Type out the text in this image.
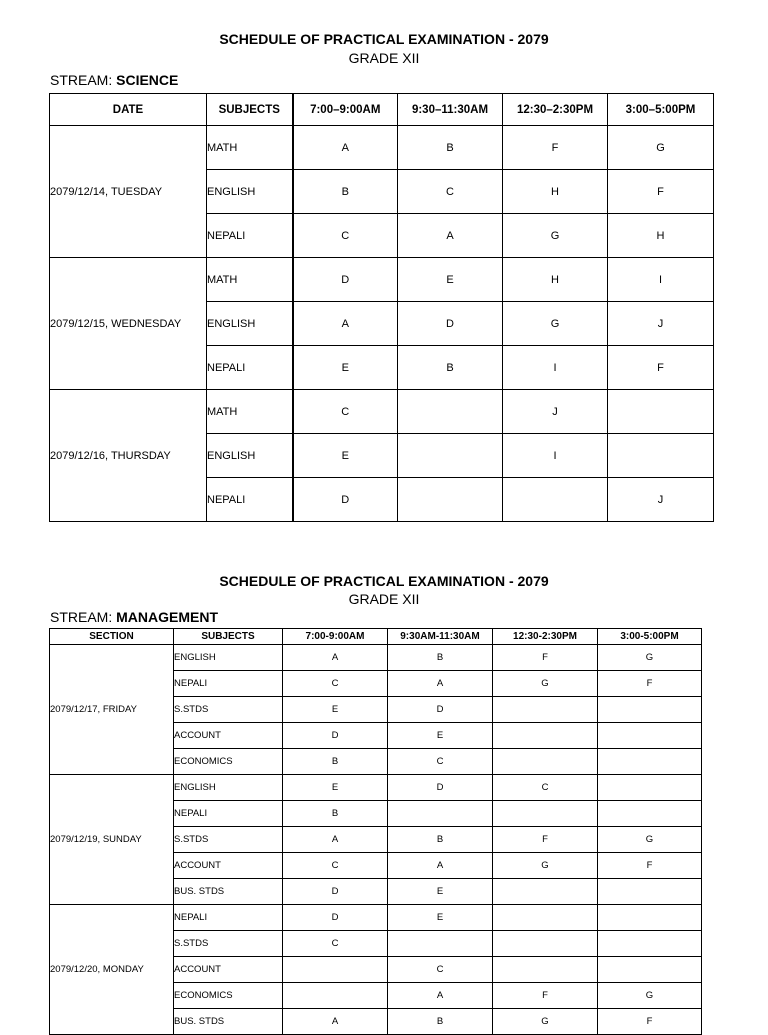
SCHEDULE OF PRACTICAL EXAMINATION - 2079
GRADE XII
STREAM: SCIENCE
DATE	SUBJECTS	7:00–9:00AM	9:30–11:30AM	12:30–2:30PM	3:00–5:00PM
2079/12/14, TUESDAY	MATH	A	B	F	G
	ENGLISH	B	C	H	F
	NEPALI	C	A	G	H
2079/12/15, WEDNESDAY	MATH	D	E	H	I
	ENGLISH	A	D	G	J
	NEPALI	E	B	I	F
2079/12/16, THURSDAY	MATH	C		J	
	ENGLISH	E		I	
	NEPALI	D			J
SCHEDULE OF PRACTICAL EXAMINATION - 2079
GRADE XII
STREAM: MANAGEMENT
SECTION	SUBJECTS	7:00-9:00AM	9:30AM-11:30AM	12:30-2:30PM	3:00-5:00PM
2079/12/17, FRIDAY	ENGLISH	A	B	F	G
	NEPALI	C	A	G	F
	S.STDS	E	D		
	ACCOUNT	D	E		
	ECONOMICS	B	C		
2079/12/19, SUNDAY	ENGLISH	E	D	C	
	NEPALI	B			
	S.STDS	A	B	F	G
	ACCOUNT	C	A	G	F
	BUS. STDS	D	E		
2079/12/20, MONDAY	NEPALI	D	E		
	S.STDS	C			
	ACCOUNT		C		
	ECONOMICS		A	F	G
	BUS. STDS	A	B	G	F
